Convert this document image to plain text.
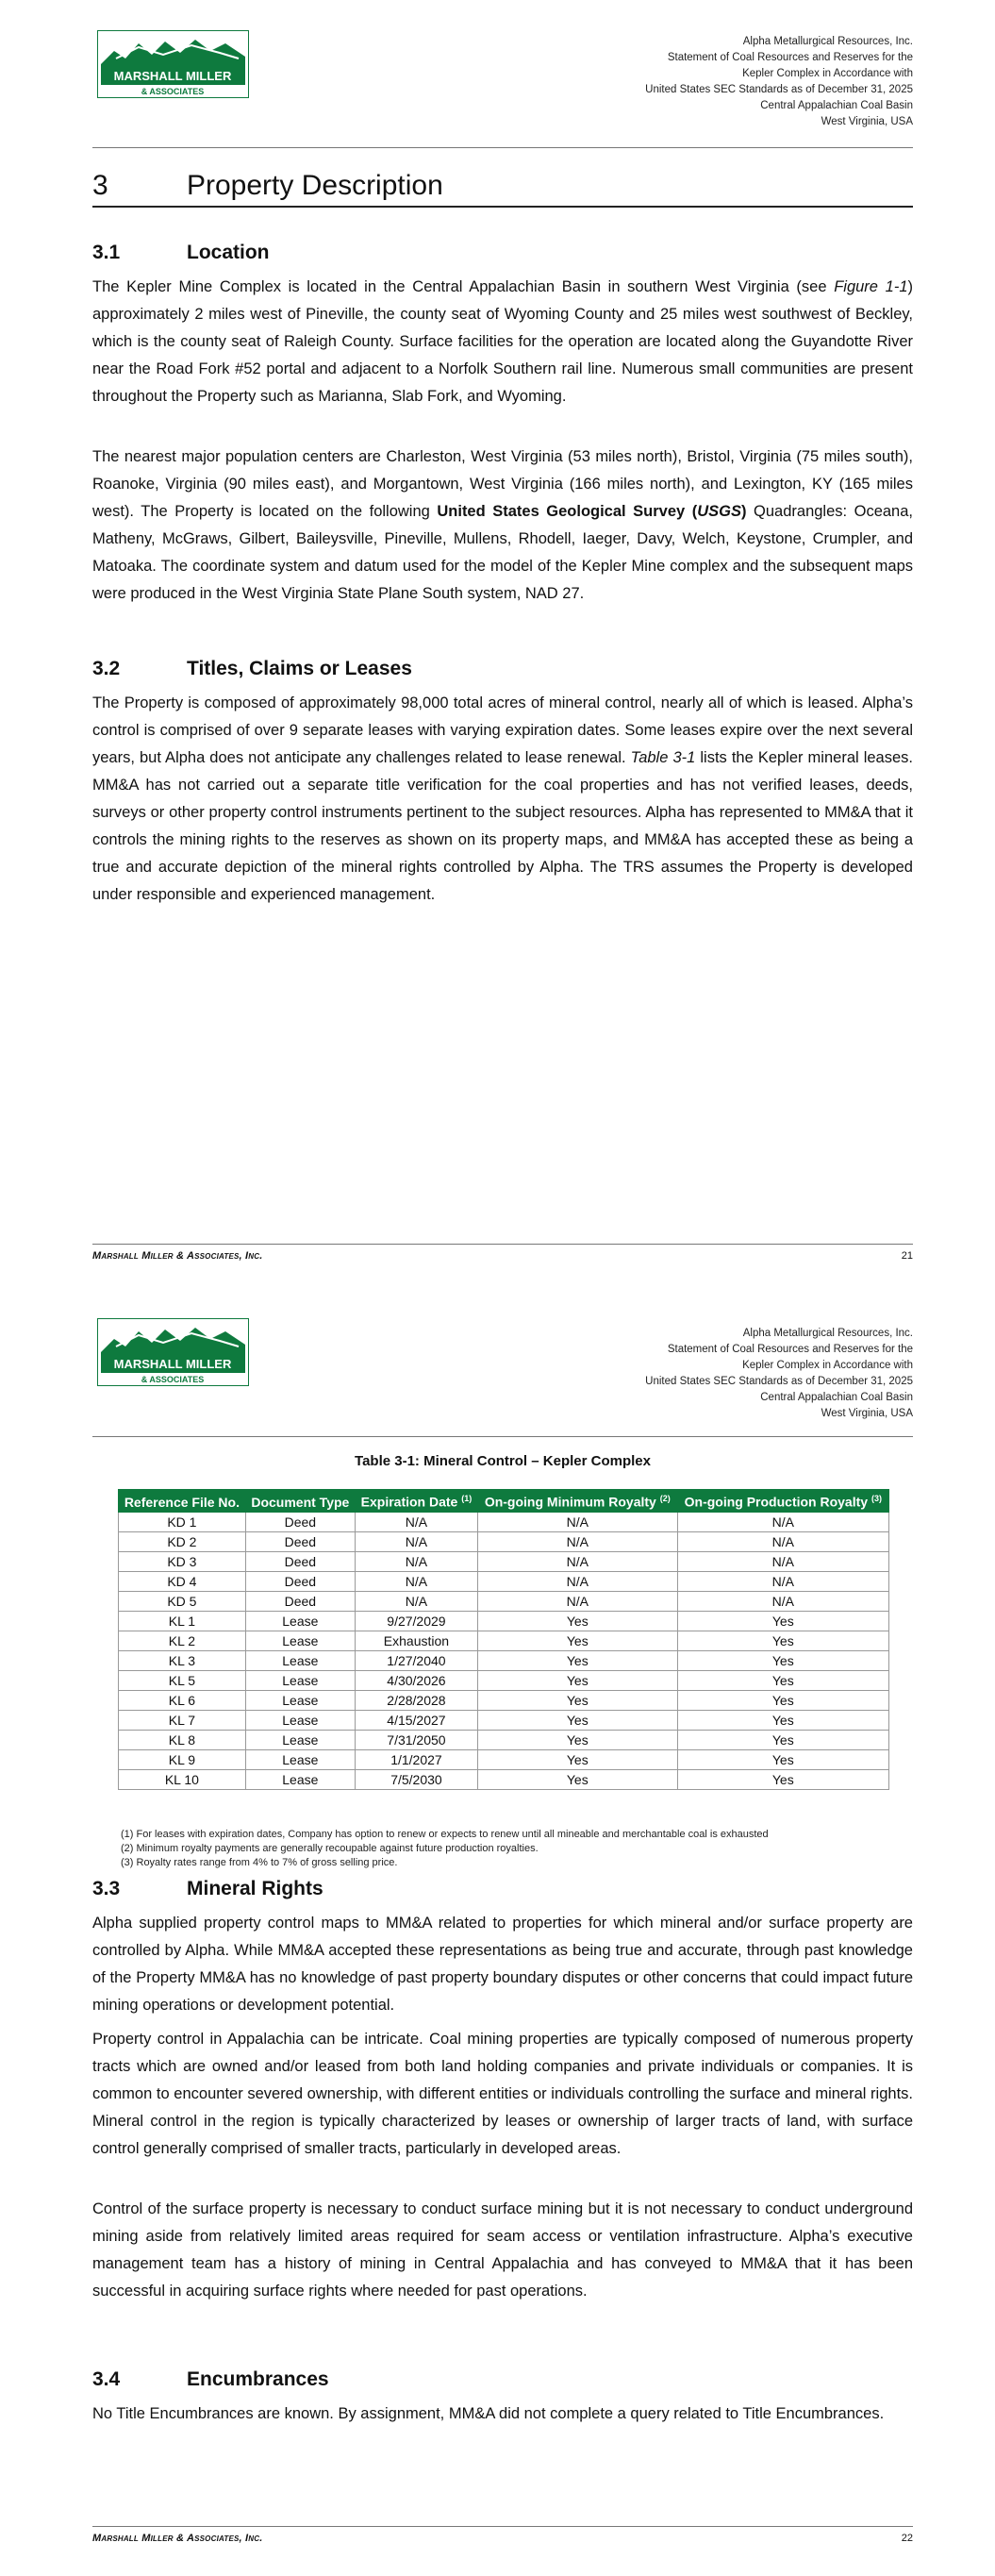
MARSHALL MILLER
& ASSOCIATES
Alpha Metallurgical Resources, Inc.
Statement of Coal Resources and Reserves for the
Kepler Complex in Accordance with
United States SEC Standards as of December 31, 2025
Central Appalachian Coal Basin
West Virginia, USA
3	Property Description
3.1	Location
The Kepler Mine Complex is located in the Central Appalachian Basin in southern West Virginia (see Figure 1-1) approximately 2 miles west of Pineville, the county seat of Wyoming County and 25 miles west southwest of Beckley, which is the county seat of Raleigh County. Surface facilities for the operation are located along the Guyandotte River near the Road Fork #52 portal and adjacent to a Norfolk Southern rail line. Numerous small communities are present throughout the Property such as Marianna, Slab Fork, and Wyoming.
The nearest major population centers are Charleston, West Virginia (53 miles north), Bristol, Virginia (75 miles south), Roanoke, Virginia (90 miles east), and Morgantown, West Virginia (166 miles north), and Lexington, KY (165 miles west). The Property is located on the following United States Geological Survey (USGS) Quadrangles: Oceana, Matheny, McGraws, Gilbert, Baileysville, Pineville, Mullens, Rhodell, Iaeger, Davy, Welch, Keystone, Crumpler, and Matoaka. The coordinate system and datum used for the model of the Kepler Mine complex and the subsequent maps were produced in the West Virginia State Plane South system, NAD 27.
3.2	Titles, Claims or Leases
The Property is composed of approximately 98,000 total acres of mineral control, nearly all of which is leased. Alpha’s control is comprised of over 9 separate leases with varying expiration dates. Some leases expire over the next several years, but Alpha does not anticipate any challenges related to lease renewal. Table 3-1 lists the Kepler mineral leases. MM&A has not carried out a separate title verification for the coal properties and has not verified leases, deeds, surveys or other property control instruments pertinent to the subject resources. Alpha has represented to MM&A that it controls the mining rights to the reserves as shown on its property maps, and MM&A has accepted these as being a true and accurate depiction of the mineral rights controlled by Alpha. The TRS assumes the Property is developed under responsible and experienced management.
Marshall Miller & Associates, Inc.	21
MARSHALL MILLER
& ASSOCIATES
Alpha Metallurgical Resources, Inc.
Statement of Coal Resources and Reserves for the
Kepler Complex in Accordance with
United States SEC Standards as of December 31, 2025
Central Appalachian Coal Basin
West Virginia, USA
Table 3-1: Mineral Control – Kepler Complex
Reference File No.	Document Type	Expiration Date $^{(1)}$	On-going Minimum Royalty $^{(2)}$	On-going Production Royalty $^{(3)}$
KD 1	Deed	N/A	N/A	N/A
KD 2	Deed	N/A	N/A	N/A
KD 3	Deed	N/A	N/A	N/A
KD 4	Deed	N/A	N/A	N/A
KD 5	Deed	N/A	N/A	N/A
KL 1	Lease	9/27/2029	Yes	Yes
KL 2	Lease	Exhaustion	Yes	Yes
KL 3	Lease	1/27/2040	Yes	Yes
KL 5	Lease	4/30/2026	Yes	Yes
KL 6	Lease	2/28/2028	Yes	Yes
KL 7	Lease	4/15/2027	Yes	Yes
KL 8	Lease	7/31/2050	Yes	Yes
KL 9	Lease	1/1/2027	Yes	Yes
KL 10	Lease	7/5/2030	Yes	Yes
(1) For leases with expiration dates, Company has option to renew or expects to renew until all mineable and merchantable coal is exhausted
(2) Minimum royalty payments are generally recoupable against future production royalties.
(3) Royalty rates range from 4% to 7% of gross selling price.
3.3	Mineral Rights
Alpha supplied property control maps to MM&A related to properties for which mineral and/or surface property are controlled by Alpha. While MM&A accepted these representations as being true and accurate, through past knowledge of the Property MM&A has no knowledge of past property boundary disputes or other concerns that could impact future mining operations or development potential.
Property control in Appalachia can be intricate. Coal mining properties are typically composed of numerous property tracts which are owned and/or leased from both land holding companies and private individuals or companies. It is common to encounter severed ownership, with different entities or individuals controlling the surface and mineral rights. Mineral control in the region is typically characterized by leases or ownership of larger tracts of land, with surface control generally comprised of smaller tracts, particularly in developed areas.
Control of the surface property is necessary to conduct surface mining but it is not necessary to conduct underground mining aside from relatively limited areas required for seam access or ventilation infrastructure. Alpha’s executive management team has a history of mining in Central Appalachia and has conveyed to MM&A that it has been successful in acquiring surface rights where needed for past operations.
3.4	Encumbrances
No Title Encumbrances are known. By assignment, MM&A did not complete a query related to Title Encumbrances.
Marshall Miller & Associates, Inc.	22
